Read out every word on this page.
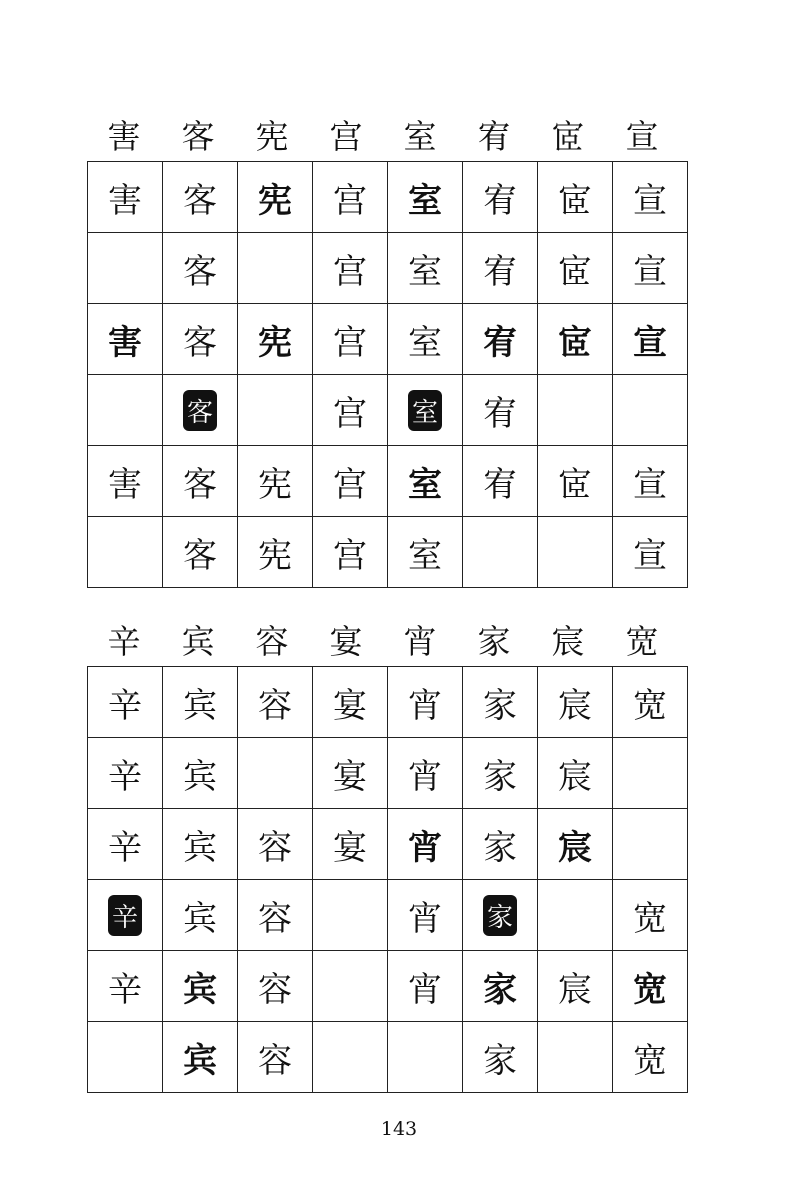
害	客	宪	宫	室	宥	宧	宣
害	客	宪	宫	室	宥	宧	宣
	客		宫	室	宥	宧	宣
害	客	宪	宫	室	宥	宧	宣
	客		宫	室	宥		
害	客	宪	宫	室	宥	宧	宣
	客	宪	宫	室			宣
辛	宾	容	宴	宵	家	宸	宽
辛	宾	容	宴	宵	家	宸	宽
辛	宾		宴	宵	家	宸	
辛	宾	容	宴	宵	家	宸	
辛	宾	容		宵	家		宽
辛	宾	容		宵	家	宸	宽
	宾	容			家		宽
143
